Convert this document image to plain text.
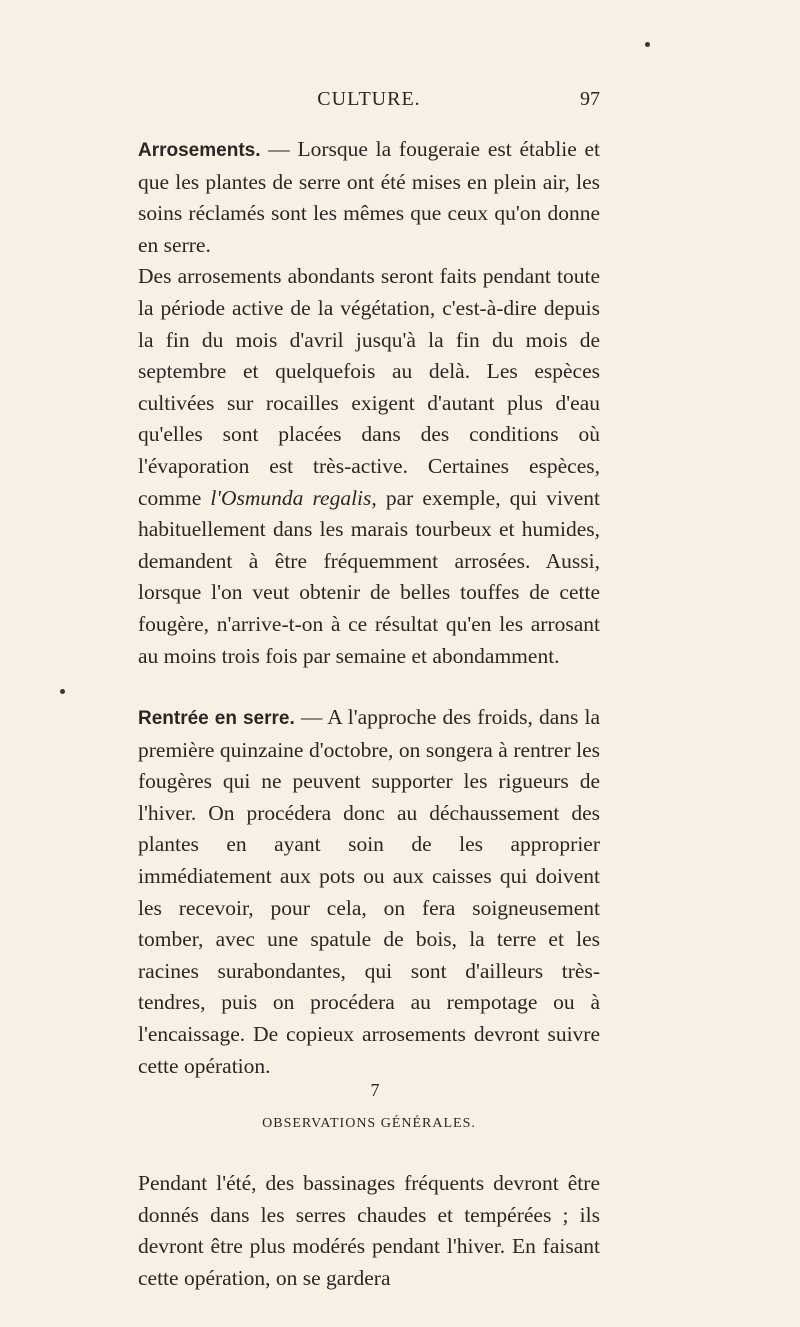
CULTURE.	97

Arrosements. — Lorsque la fougeraie est établie et que les plantes de serre ont été mises en plein air, les soins réclamés sont les mêmes que ceux qu'on donne en serre.

Des arrosements abondants seront faits pendant toute la période active de la végétation, c'est-à-dire depuis la fin du mois d'avril jusqu'à la fin du mois de septembre et quelquefois au delà. Les espèces cultivées sur rocailles exigent d'autant plus d'eau qu'elles sont placées dans des conditions où l'évaporation est très-active. Certaines espèces, comme l'Osmunda regalis, par exemple, qui vivent habituellement dans les marais tourbeux et humides, demandent à être fréquemment arrosées. Aussi, lorsque l'on veut obtenir de belles touffes de cette fougère, n'arrive-t-on à ce résultat qu'en les arrosant au moins trois fois par semaine et abondamment.

Rentrée en serre. — A l'approche des froids, dans la première quinzaine d'octobre, on songera à rentrer les fougères qui ne peuvent supporter les rigueurs de l'hiver. On procédera donc au déchaussement des plantes en ayant soin de les approprier immédiatement aux pots ou aux caisses qui doivent les recevoir, pour cela, on fera soigneusement tomber, avec une spatule de bois, la terre et les racines surabondantes, qui sont d'ailleurs très-tendres, puis on procédera au rempotage ou à l'encaissage. De copieux arrosements devront suivre cette opération.

OBSERVATIONS GÉNÉRALES.

Pendant l'été, des bassinages fréquents devront être donnés dans les serres chaudes et tempérées ; ils devront être plus modérés pendant l'hiver. En faisant cette opération, on se gardera

7
